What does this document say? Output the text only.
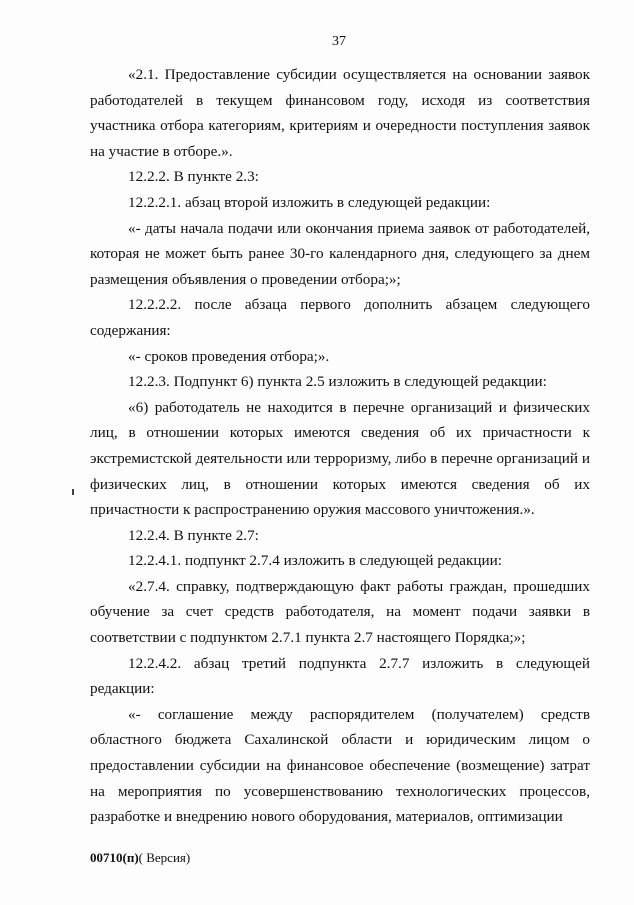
37

«2.1. Предоставление субсидии осуществляется на основании заявок работодателей в текущем финансовом году, исходя из соответствия участника отбора категориям, критериям и очередности поступления заявок на участие в отборе.».

12.2.2. В пункте 2.3:

12.2.2.1. абзац второй изложить в следующей редакции:

«- даты начала подачи или окончания приема заявок от работодателей, которая не может быть ранее 30-го календарного дня, следующего за днем размещения объявления о проведении отбора;»;

12.2.2.2. после абзаца первого дополнить абзацем следующего содержания:

«- сроков проведения отбора;».

12.2.3. Подпункт 6) пункта 2.5 изложить в следующей редакции:

«6) работодатель не находится в перечне организаций и физических лиц, в отношении которых имеются сведения об их причастности к экстремистской деятельности или терроризму, либо в перечне организаций и физических лиц, в отношении которых имеются сведения об их причастности к распространению оружия массового уничтожения.».

12.2.4. В пункте 2.7:

12.2.4.1. подпункт 2.7.4 изложить в следующей редакции:

«2.7.4. справку, подтверждающую факт работы граждан, прошедших обучение за счет средств работодателя, на момент подачи заявки в соответствии с подпунктом 2.7.1 пункта 2.7 настоящего Порядка;»;

12.2.4.2. абзац третий подпункта 2.7.7 изложить в следующей редакции:

«- соглашение между распорядителем (получателем) средств областного бюджета Сахалинской области и юридическим лицом о предоставлении субсидии на финансовое обеспечение (возмещение) затрат на мероприятия по усовершенствованию технологических процессов, разработке и внедрению нового оборудования, материалов, оптимизации

00710(п)( Версия)
